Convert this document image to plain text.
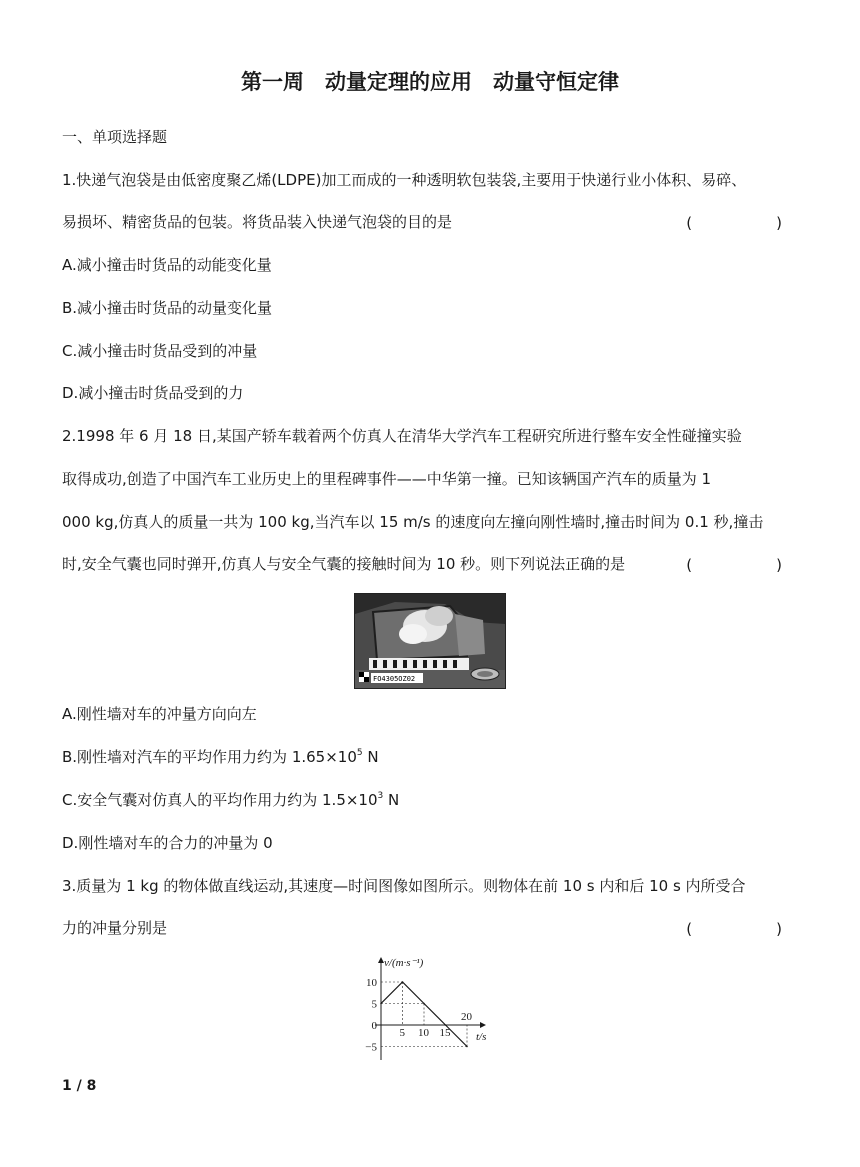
第一周　动量定理的应用　动量守恒定律
一、单项选择题
1.快递气泡袋是由低密度聚乙烯(LDPE)加工而成的一种透明软包装袋,主要用于快递行业小体积、易碎、
易损坏、精密货品的包装。将货品装入快递气泡袋的目的是	(　　)
A.减小撞击时货品的动能变化量
B.减小撞击时货品的动量变化量
C.减小撞击时货品受到的冲量
D.减小撞击时货品受到的力
2.1998 年 6 月 18 日,某国产轿车载着两个仿真人在清华大学汽车工程研究所进行整车安全性碰撞实验
取得成功,创造了中国汽车工业历史上的里程碑事件——中华第一撞。已知该辆国产汽车的质量为 1
000 kg,仿真人的质量一共为 100 kg,当汽车以 15 m/s 的速度向左撞向刚性墙时,撞击时间为 0.1 秒,撞击
时,安全气囊也同时弹开,仿真人与安全气囊的接触时间为 10 秒。则下列说法正确的是	(　　)
FO4305OZ02
A.刚性墙对车的冲量方向向左
B.刚性墙对汽车的平均作用力约为 $1.65\times 10^5$ N
C.安全气囊对仿真人的平均作用力约为 $1.5\times 10^3$ N
D.刚性墙对车的合力的冲量为 0
3.质量为 1 kg 的物体做直线运动,其速度—时间图像如图所示。则物体在前 10 s 内和后 10 s 内所受合
力的冲量分别是	(　　)
v/(m·s⁻¹)
t/s
5 10 15
20
10
5
0
−5
1 / 8
